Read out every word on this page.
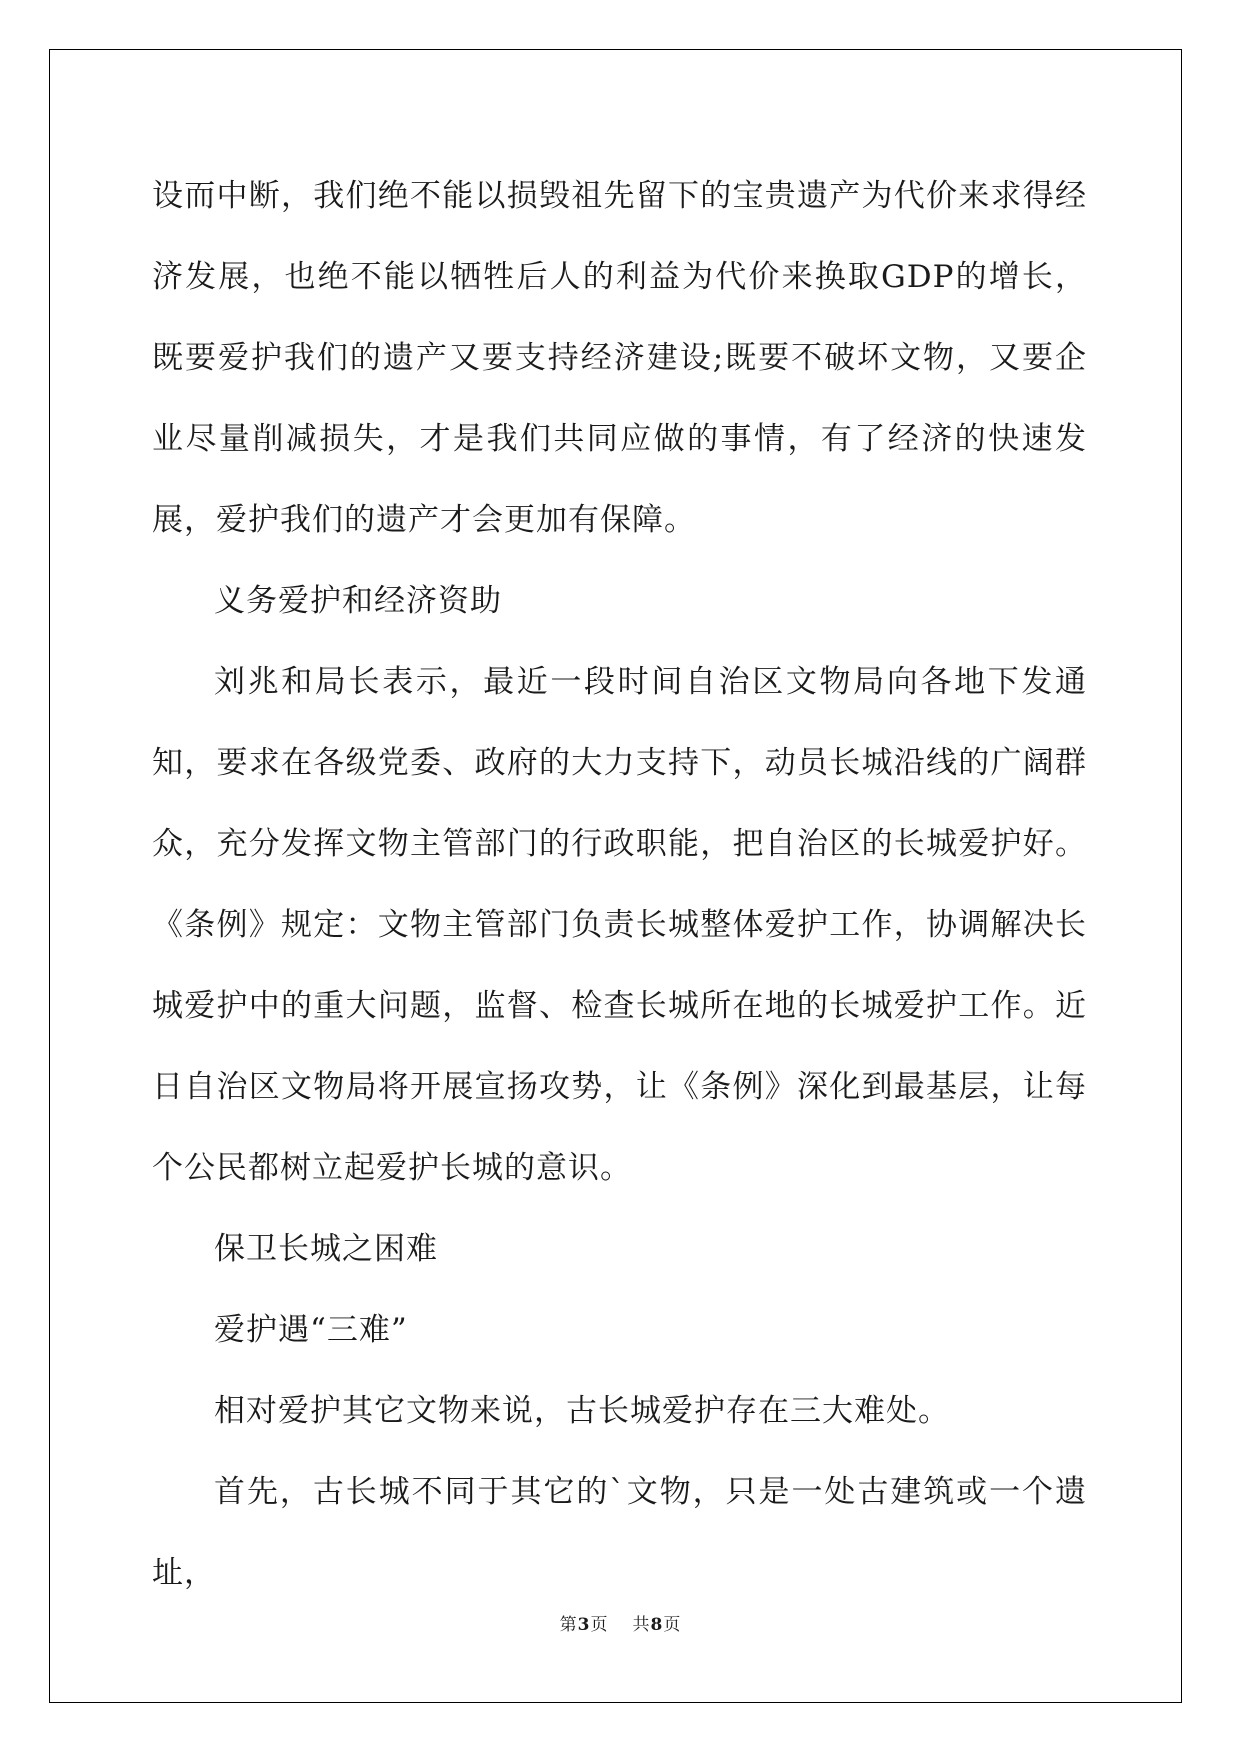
设而中断，我们绝不能以损毁祖先留下的宝贵遗产为代价来求得经济发展，也绝不能以牺牲后人的利益为代价来换取GDP的增长，既要爱护我们的遗产又要支持经济建设;既要不破坏文物，又要企业尽量削减损失，才是我们共同应做的事情，有了经济的快速发展，爱护我们的遗产才会更加有保障。

义务爱护和经济资助

刘兆和局长表示，最近一段时间自治区文物局向各地下发通知，要求在各级党委、政府的大力支持下，动员长城沿线的广阔群众，充分发挥文物主管部门的行政职能，把自治区的长城爱护好。《条例》规定：文物主管部门负责长城整体爱护工作，协调解决长城爱护中的重大问题，监督、检查长城所在地的长城爱护工作。近日自治区文物局将开展宣扬攻势，让《条例》深化到最基层，让每个公民都树立起爱护长城的意识。

保卫长城之困难

爱护遇“三难”

相对爱护其它文物来说，古长城爱护存在三大难处。

首先，古长城不同于其它的`文物，只是一处古建筑或一个遗址，

第3页 共8页
